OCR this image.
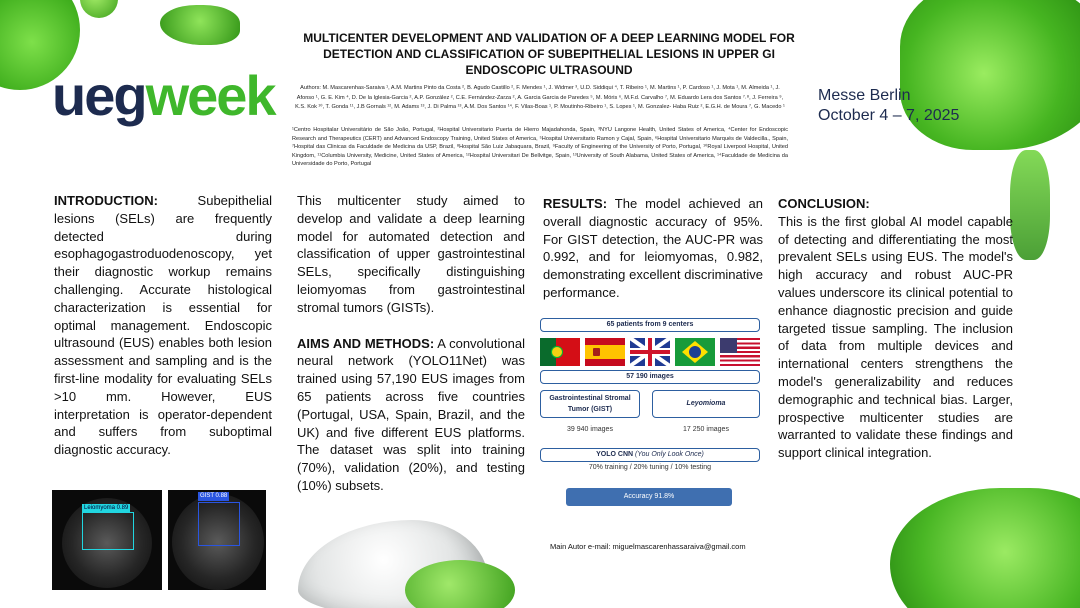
uegweek	Messe Berlin
October 4 – 7, 2025
MULTICENTER DEVELOPMENT AND VALIDATION OF A DEEP LEARNING MODEL FOR DETECTION AND CLASSIFICATION OF SUBEPITHELIAL LESIONS IN UPPER GI ENDOSCOPIC ULTRASOUND
Authors: M. Mascarenhas-Saraiva ¹, A.M. Martins Pinto da Costa ², B. Agudo Castillo ², F. Mendes ¹, J. Widmer ³, U.D. Siddiqui ⁴, T. Ribeiro ¹, M. Martins ¹, P. Cardoso ¹, J. Mota ¹, M. Almeida ¹, J. Afonso ¹, G. E. Kim ⁴, D. De la Iglesia-Garcia ², A.P. González ², C.E. Fernández-Zarza ², A. Garcia Garcia de Paredes ⁵, M. Móris ⁶, M.F.d. Carvalho ⁷, M. Eduardo Lera dos Santos ⁷˒⁸, J. Ferreira ⁹, K.S. Kok ¹⁰, T. Gonda ¹¹, J.B Gornals ¹², M. Adams ¹³, J. Di Palma ¹³, A.M. Dos Santos ¹⁴, F. Vilas-Boas ¹, P. Moutinho-Ribeiro ¹, S. Lopes ¹, M. Gonzalez- Haba Ruiz ², E.G.H. de Moura ⁷, G. Macedo ¹
¹Centro Hospitalar Universitário de São João, Portugal, ²Hospital Universitario Puerta de Hierro Majadahonda, Spain, ³NYU Langone Health, United States of America, ⁴Center for Endoscopic Research and Therapeutics (CERT) and Advanced Endoscopy Training, United States of America, ⁵Hospital Universitario Ramon y Cajal, Spain, ⁶Hospital Universitario Marqués de Valdecilla., Spain, ⁷Hospital das Clinicas da Faculdade de Medicina da USP, Brazil, ⁸Hospital São Luiz Jabaquara, Brazil, ⁹Faculty of Engineering of the University of Porto, Portugal, ¹⁰Royal Liverpool Hospital, United Kingdom, ¹¹Columbia University, Medicine, United States of America, ¹²Hospital Universitari De Bellvitge, Spain, ¹³University of South Alabama, United States of America, ¹⁴Faculdade de Medicina da Universidade do Porto, Portugal
INTRODUCTION: Subepithelial lesions (SELs) are frequently detected during esophagogastroduodenoscopy, yet their diagnostic workup remains challenging. Accurate histological characterization is essential for optimal management. Endoscopic ultrasound (EUS) enables both lesion assessment and sampling and is the first-line modality for evaluating SELs >10 mm. However, EUS interpretation is operator-dependent and suffers from suboptimal diagnostic accuracy.
Leiomyoma 0.89
GIST 0.88
This multicenter study aimed to develop and validate a deep learning model for automated detection and classification of upper gastrointestinal SELs, specifically distinguishing leiomyomas from gastrointestinal stromal tumors (GISTs).
AIMS AND METHODS: A convolutional neural network (YOLO11Net) was trained using 57,190 EUS images from 65 patients across five countries (Portugal, USA, Spain, Brazil, and the UK) and five different EUS platforms. The dataset was split into training (70%), validation (20%), and testing (10%) subsets.
RESULTS: The model achieved an overall diagnostic accuracy of 95%. For GIST detection, the AUC-PR was 0.992, and for leiomyomas, 0.982, demonstrating excellent discriminative performance.
65 patients from 9 centers
57 190 images
Gastrointestinal Stromal Tumor (GIST)
Leyomioma
39 940 images	17 250 images
YOLO CNN (You Only Look Once)
70% training / 20% tuning / 10% testing
Accuracy 91.8%
Main Autor e-mail: miguelmascarenhassaraiva@gmail.com
CONCLUSION:
This is the first global AI model capable of detecting and differentiating the most prevalent SELs using EUS. The model's high accuracy and robust AUC-PR values underscore its clinical potential to enhance diagnostic precision and guide targeted tissue sampling. The inclusion of data from multiple devices and international centers strengthens the model's generalizability and reduces demographic and technical bias. Larger, prospective multicenter studies are warranted to validate these findings and support clinical integration.
